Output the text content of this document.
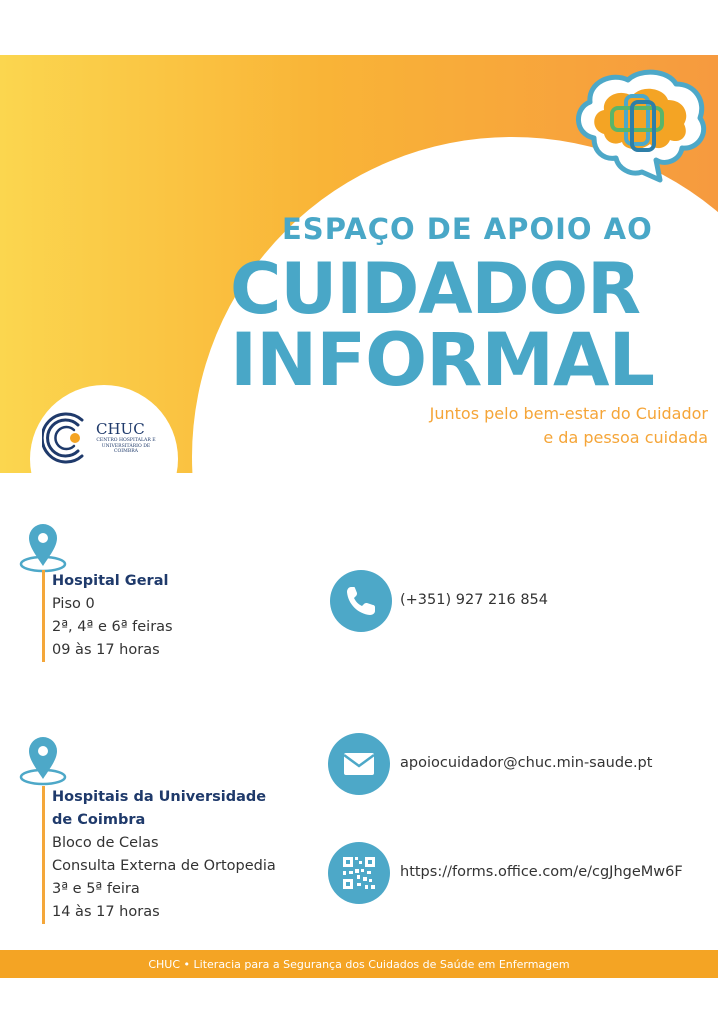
ESPAÇO DE APOIO AO
CUIDADOR
INFORMAL
Juntos pelo bem-estar do Cuidador
e da pessoa cuidada
CHUC
CENTRO HOSPITALAR E UNIVERSITÁRIO DE COIMBRA
Hospital Geral
Piso 0
2ª, 4ª e 6ª feiras
09 às 17 horas
Hospitais da Universidade
de Coimbra
Bloco de Celas
Consulta Externa de Ortopedia
3ª e 5ª feira
14 às 17 horas
(+351) 927 216 854
apoiocuidador@chuc.min-saude.pt
https://forms.office.com/e/cgJhgeMw6F
CHUC • Literacia para a Segurança dos Cuidados de Saúde em Enfermagem
